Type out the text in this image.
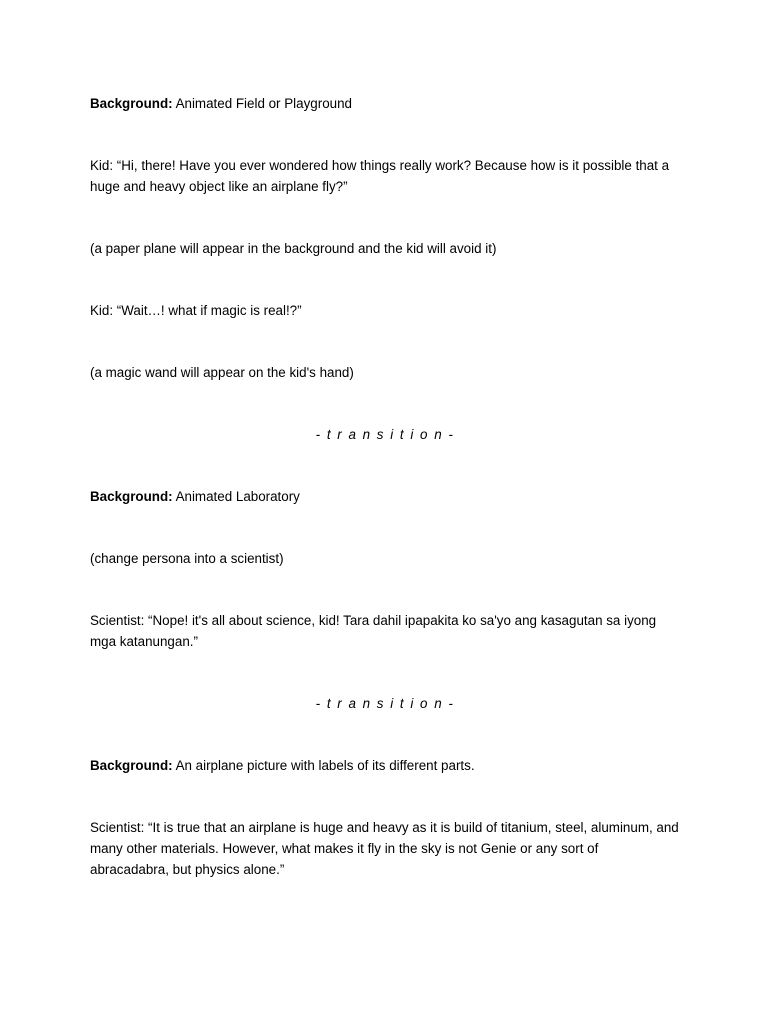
Background: Animated Field or Playground

Kid: “Hi, there! Have you ever wondered how things really work? Because how is it possible that a huge and heavy object like an airplane fly?”

(a paper plane will appear in the background and the kid will avoid it)

Kid: “Wait…! what if magic is real!?”

(a magic wand will appear on the kid's hand)

- t r a n s i t i o n -

Background: Animated Laboratory

(change persona into a scientist)

Scientist: “Nope! it's all about science, kid! Tara dahil ipapakita ko sa'yo ang kasagutan sa iyong mga katanungan.”

- t r a n s i t i o n -

Background: An airplane picture with labels of its different parts.

Scientist: “It is true that an airplane is huge and heavy as it is build of titanium, steel, aluminum, and many other materials. However, what makes it fly in the sky is not Genie or any sort of abracadabra, but physics alone.”
